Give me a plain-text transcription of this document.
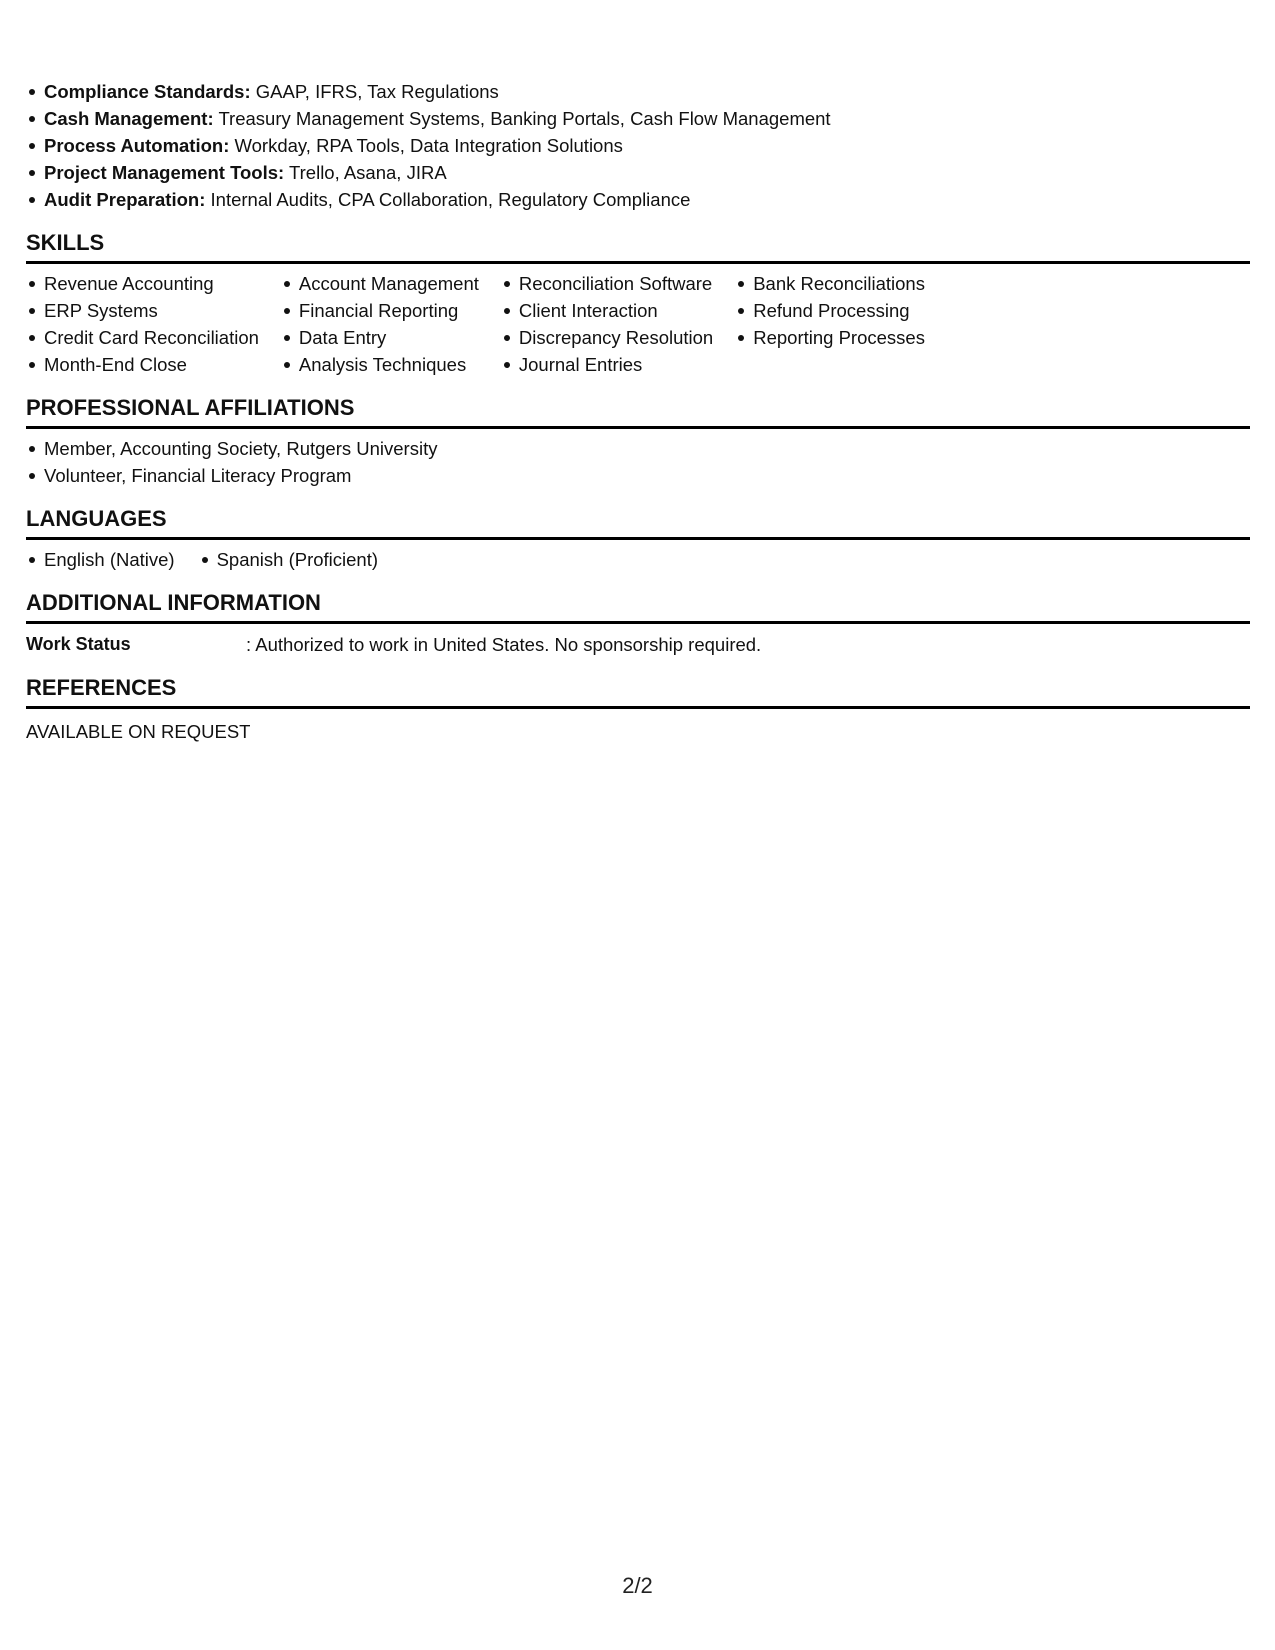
Compliance Standards: GAAP, IFRS, Tax Regulations
Cash Management: Treasury Management Systems, Banking Portals, Cash Flow Management
Process Automation: Workday, RPA Tools, Data Integration Solutions
Project Management Tools: Trello, Asana, JIRA
Audit Preparation: Internal Audits, CPA Collaboration, Regulatory Compliance
SKILLS
Revenue Accounting
ERP Systems
Credit Card Reconciliation
Month-End Close
Account Management
Financial Reporting
Data Entry
Analysis Techniques
Reconciliation Software
Client Interaction
Discrepancy Resolution
Journal Entries
Bank Reconciliations
Refund Processing
Reporting Processes
PROFESSIONAL AFFILIATIONS
Member, Accounting Society, Rutgers University
Volunteer, Financial Literacy Program
LANGUAGES
English (Native)	Spanish (Proficient)
ADDITIONAL INFORMATION
Work Status	: Authorized to work in United States. No sponsorship required.
REFERENCES
AVAILABLE ON REQUEST
2/2
